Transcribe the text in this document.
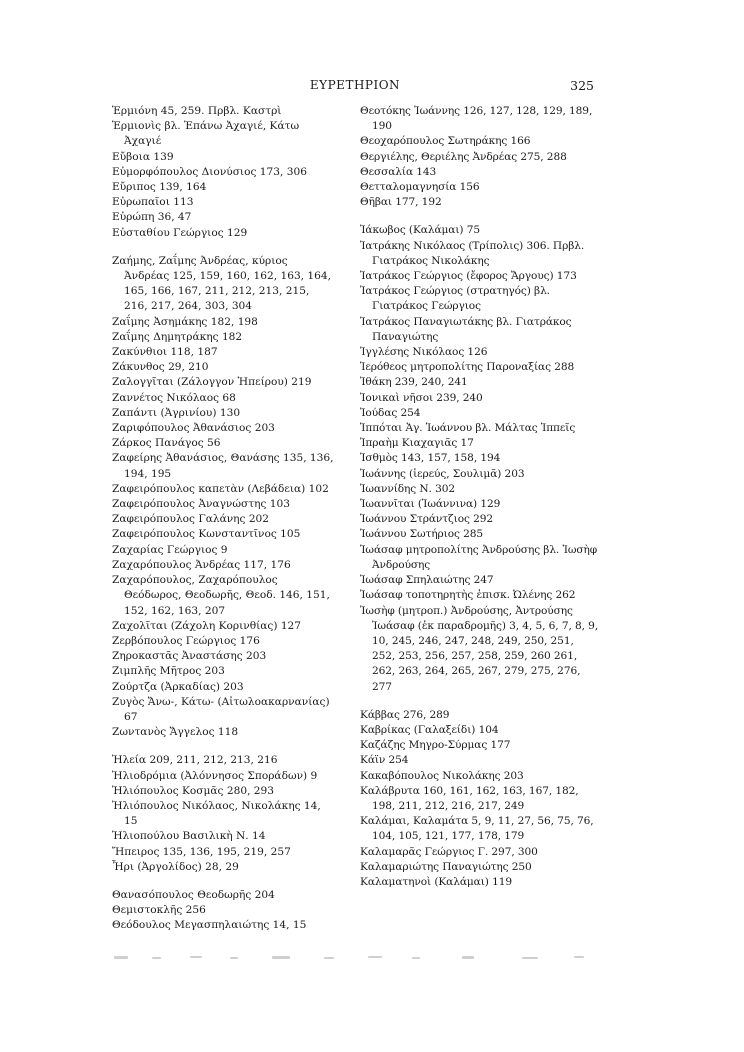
ΕΥΡΕΤΗΡΙΟΝ	325
Ἑρμιόνη 45, 259. Πρβλ. Καστρὶ
Ἑρμιονὶς βλ. Ἐπάνω Ἀχαγιέ, Κάτω Ἀχαγιέ
Εὔβοια 139
Εὐμορφόπουλος Διονύσιος 173, 306
Εὔριπος 139, 164
Εὐρωπαῖοι 113
Εὐρώπη 36, 47
Εὐσταθίου Γεώργιος 129
Ζαήμης, Ζαΐμης Ἀνδρέας, κύριος Ἀνδρέας 125, 159, 160, 162, 163, 164, 165, 166, 167, 211, 212, 213, 215, 216, 217, 264, 303, 304
Ζαΐμης Ἀσημάκης 182, 198
Ζαΐμης Δημητράκης 182
Ζακύνθιοι 118, 187
Ζάκυνθος 29, 210
Ζαλογγῖται (Ζάλογγον Ἠπείρου) 219
Ζαννέτος Νικόλαος 68
Ζαπάντι (Ἀγρινίου) 130
Ζαριφόπουλος Ἀθανάσιος 203
Ζάρκος Πανάγος 56
Ζαφείρης Ἀθανάσιος, Θανάσης 135, 136, 194, 195
Ζαφειρόπουλος καπετὰν (Λεβάδεια) 102
Ζαφειρόπουλος Ἀναγνώστης 103
Ζαφειρόπουλος Γαλάνης 202
Ζαφειρόπουλος Κωνσταντῖνος 105
Ζαχαρίας Γεώργιος 9
Ζαχαρόπουλος Ἀνδρέας 117, 176
Ζαχαρόπουλος, Ζαχαρόπουλος Θεόδωρος, Θεοδωρῆς, Θεοδ. 146, 151, 152, 162, 163, 207
Ζαχολῖται (Ζάχολη Κορινθίας) 127
Ζερβόπουλος Γεώργιος 176
Ζηροκαστᾶς Ἀναστάσης 203
Ζιμπλῆς Μῆτρος 203
Ζούρτζα (Ἀρκαδίας) 203
Ζυγὸς Ἄνω-, Κάτω- (Αἰτωλοακαρνανίας) 67
Ζωντανὸς Ἄγγελος 118
Ἠλεία 209, 211, 212, 213, 216
Ἠλιοδρόμια (Ἀλόννησος Σποράδων) 9
Ἠλιόπουλος Κοσμᾶς 280, 293
Ἠλιόπουλος Νικόλαος, Νικολάκης 14, 15
Ἠλιοπούλου Βασιλικὴ Ν. 14
Ἤπειρος 135, 136, 195, 219, 257
Ἦρι (Ἀργολίδος) 28, 29
Θανασόπουλος Θεοδωρῆς 204
Θεμιστοκλῆς 256
Θεόδουλος Μεγασπηλαιώτης 14, 15
Θεοτόκης Ἰωάννης 126, 127, 128, 129, 189, 190
Θεοχαρόπουλος Σωτηράκης 166
Θεργιέλης, Θεριέλης Ἀνδρέας 275, 288
Θεσσαλία 143
Θετταλομαγνησία 156
Θῆβαι 177, 192
Ἰάκωβος (Καλάμαι) 75
Ἰατράκης Νικόλαος (Τρίπολις) 306. Πρβλ. Γιατράκος Νικολάκης
Ἰατράκος Γεώργιος (ἔφορος Ἄργους) 173
Ἰατράκος Γεώργιος (στρατηγός) βλ. Γιατράκος Γεώργιος
Ἰατράκος Παναγιωτάκης βλ. Γιατράκος Παναγιώτης
Ἰγγλέσης Νικόλαος 126
Ἱερόθεος μητροπολίτης Παροναξίας 288
Ἰθάκη 239, 240, 241
Ἰονικαὶ νῆσοι 239, 240
Ἰούδας 254
Ἱππόται Ἁγ. Ἰωάννου βλ. Μάλτας Ἱππεῖς
Ἰπραὴμ Κιαχαγιᾶς 17
Ἰσθμὸς 143, 157, 158, 194
Ἰωάννης (ἱερεύς, Σουλιμᾶ) 203
Ἰωαννίδης Ν. 302
Ἰωαννῖται (Ἰωάννινα) 129
Ἰωάννου Στράντζιος 292
Ἰωάννου Σωτήριος 285
Ἰωάσαφ μητροπολίτης Ἀνδρούσης βλ. Ἰωσὴφ Ἀνδρούσης
Ἰωάσαφ Σπηλαιώτης 247
Ἰωάσαφ τοποτηρητὴς ἐπισκ. Ὠλένης 262
Ἰωσὴφ (μητροπ.) Ἀνδρούσης, Ἀντρούσης Ἰωάσαφ (ἐκ παραδρομῆς) 3, 4, 5, 6, 7, 8, 9, 10, 245, 246, 247, 248, 249, 250, 251, 252, 253, 256, 257, 258, 259, 260 261, 262, 263, 264, 265, 267, 279, 275, 276, 277
Κάββας 276, 289
Καβρίκας (Γαλαξείδι) 104
Καζάζης Μηγρο-Σύρμας 177
Κάϊν 254
Κακαβόπουλος Νικολάκης 203
Καλάβρυτα 160, 161, 162, 163, 167, 182, 198, 211, 212, 216, 217, 249
Καλάμαι, Καλαμάτα 5, 9, 11, 27, 56, 75, 76, 104, 105, 121, 177, 178, 179
Καλαμαρᾶς Γεώργιος Γ. 297, 300
Καλαμαριώτης Παναγιώτης 250
Καλαματηνοὶ (Καλάμαι) 119
